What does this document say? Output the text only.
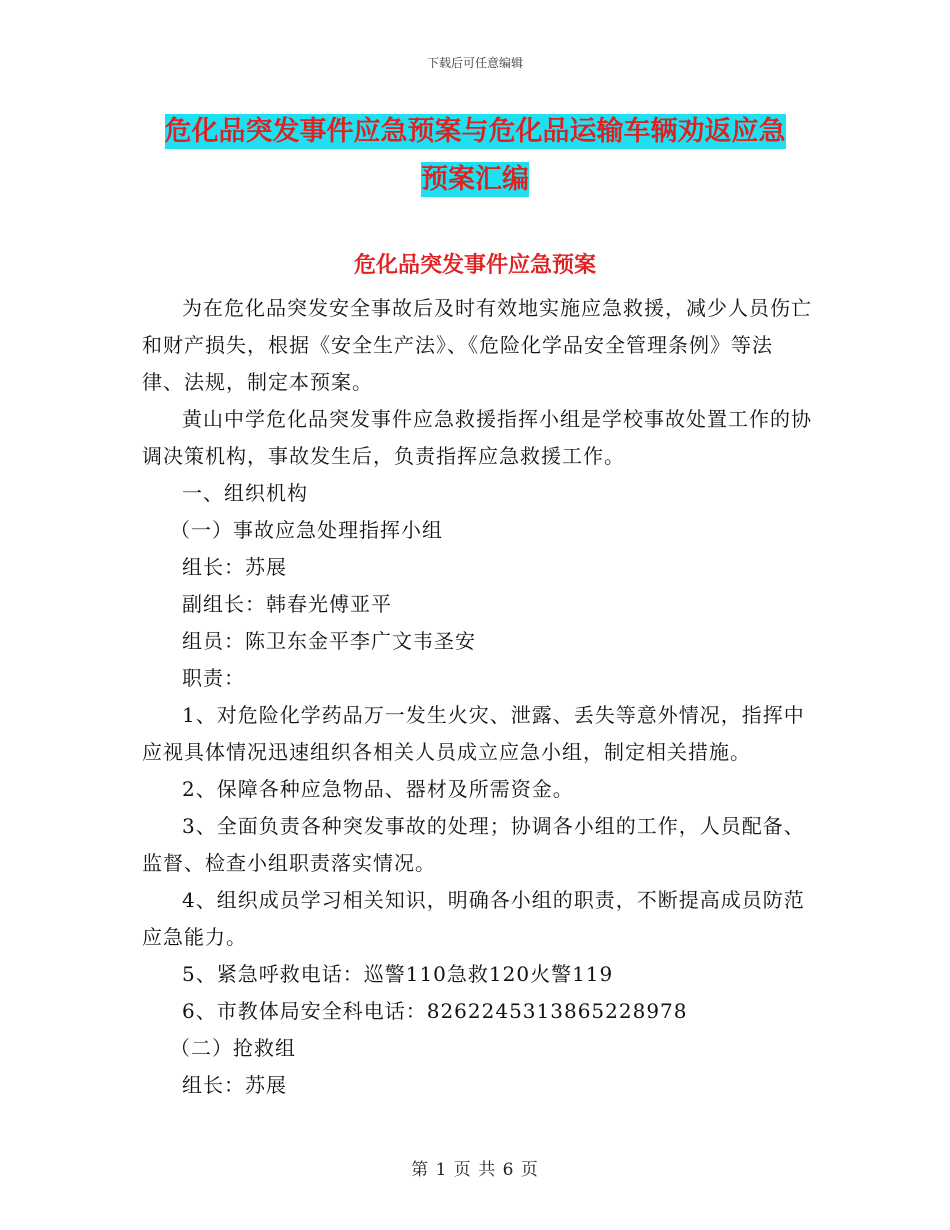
下载后可任意编辑
危化品突发事件应急预案与危化品运输车辆劝返应急
预案汇编
危化品突发事件应急预案

为在危化品突发安全事故后及时有效地实施应急救援，减少人员伤亡和财产损失，根据《安全生产法》、《危险化学品安全管理条例》等法律、法规，制定本预案。

黄山中学危化品突发事件应急救援指挥小组是学校事故处置工作的协调决策机构，事故发生后，负责指挥应急救援工作。

一、组织机构

（一）事故应急处理指挥小组

组长：苏展

副组长：韩春光傅亚平

组员：陈卫东金平李广文韦圣安

职责：

1、对危险化学药品万一发生火灾、泄露、丢失等意外情况，指挥中应视具体情况迅速组织各相关人员成立应急小组，制定相关措施。

2、保障各种应急物品、器材及所需资金。

3、全面负责各种突发事故的处理；协调各小组的工作，人员配备、监督、检查小组职责落实情况。

4、组织成员学习相关知识，明确各小组的职责，不断提高成员防范应急能力。

5、紧急呼救电话：巡警110急救120火警119

6、市教体局安全科电话：8262245313865228978

（二）抢救组

组长：苏展

第 1 页 共 6 页
